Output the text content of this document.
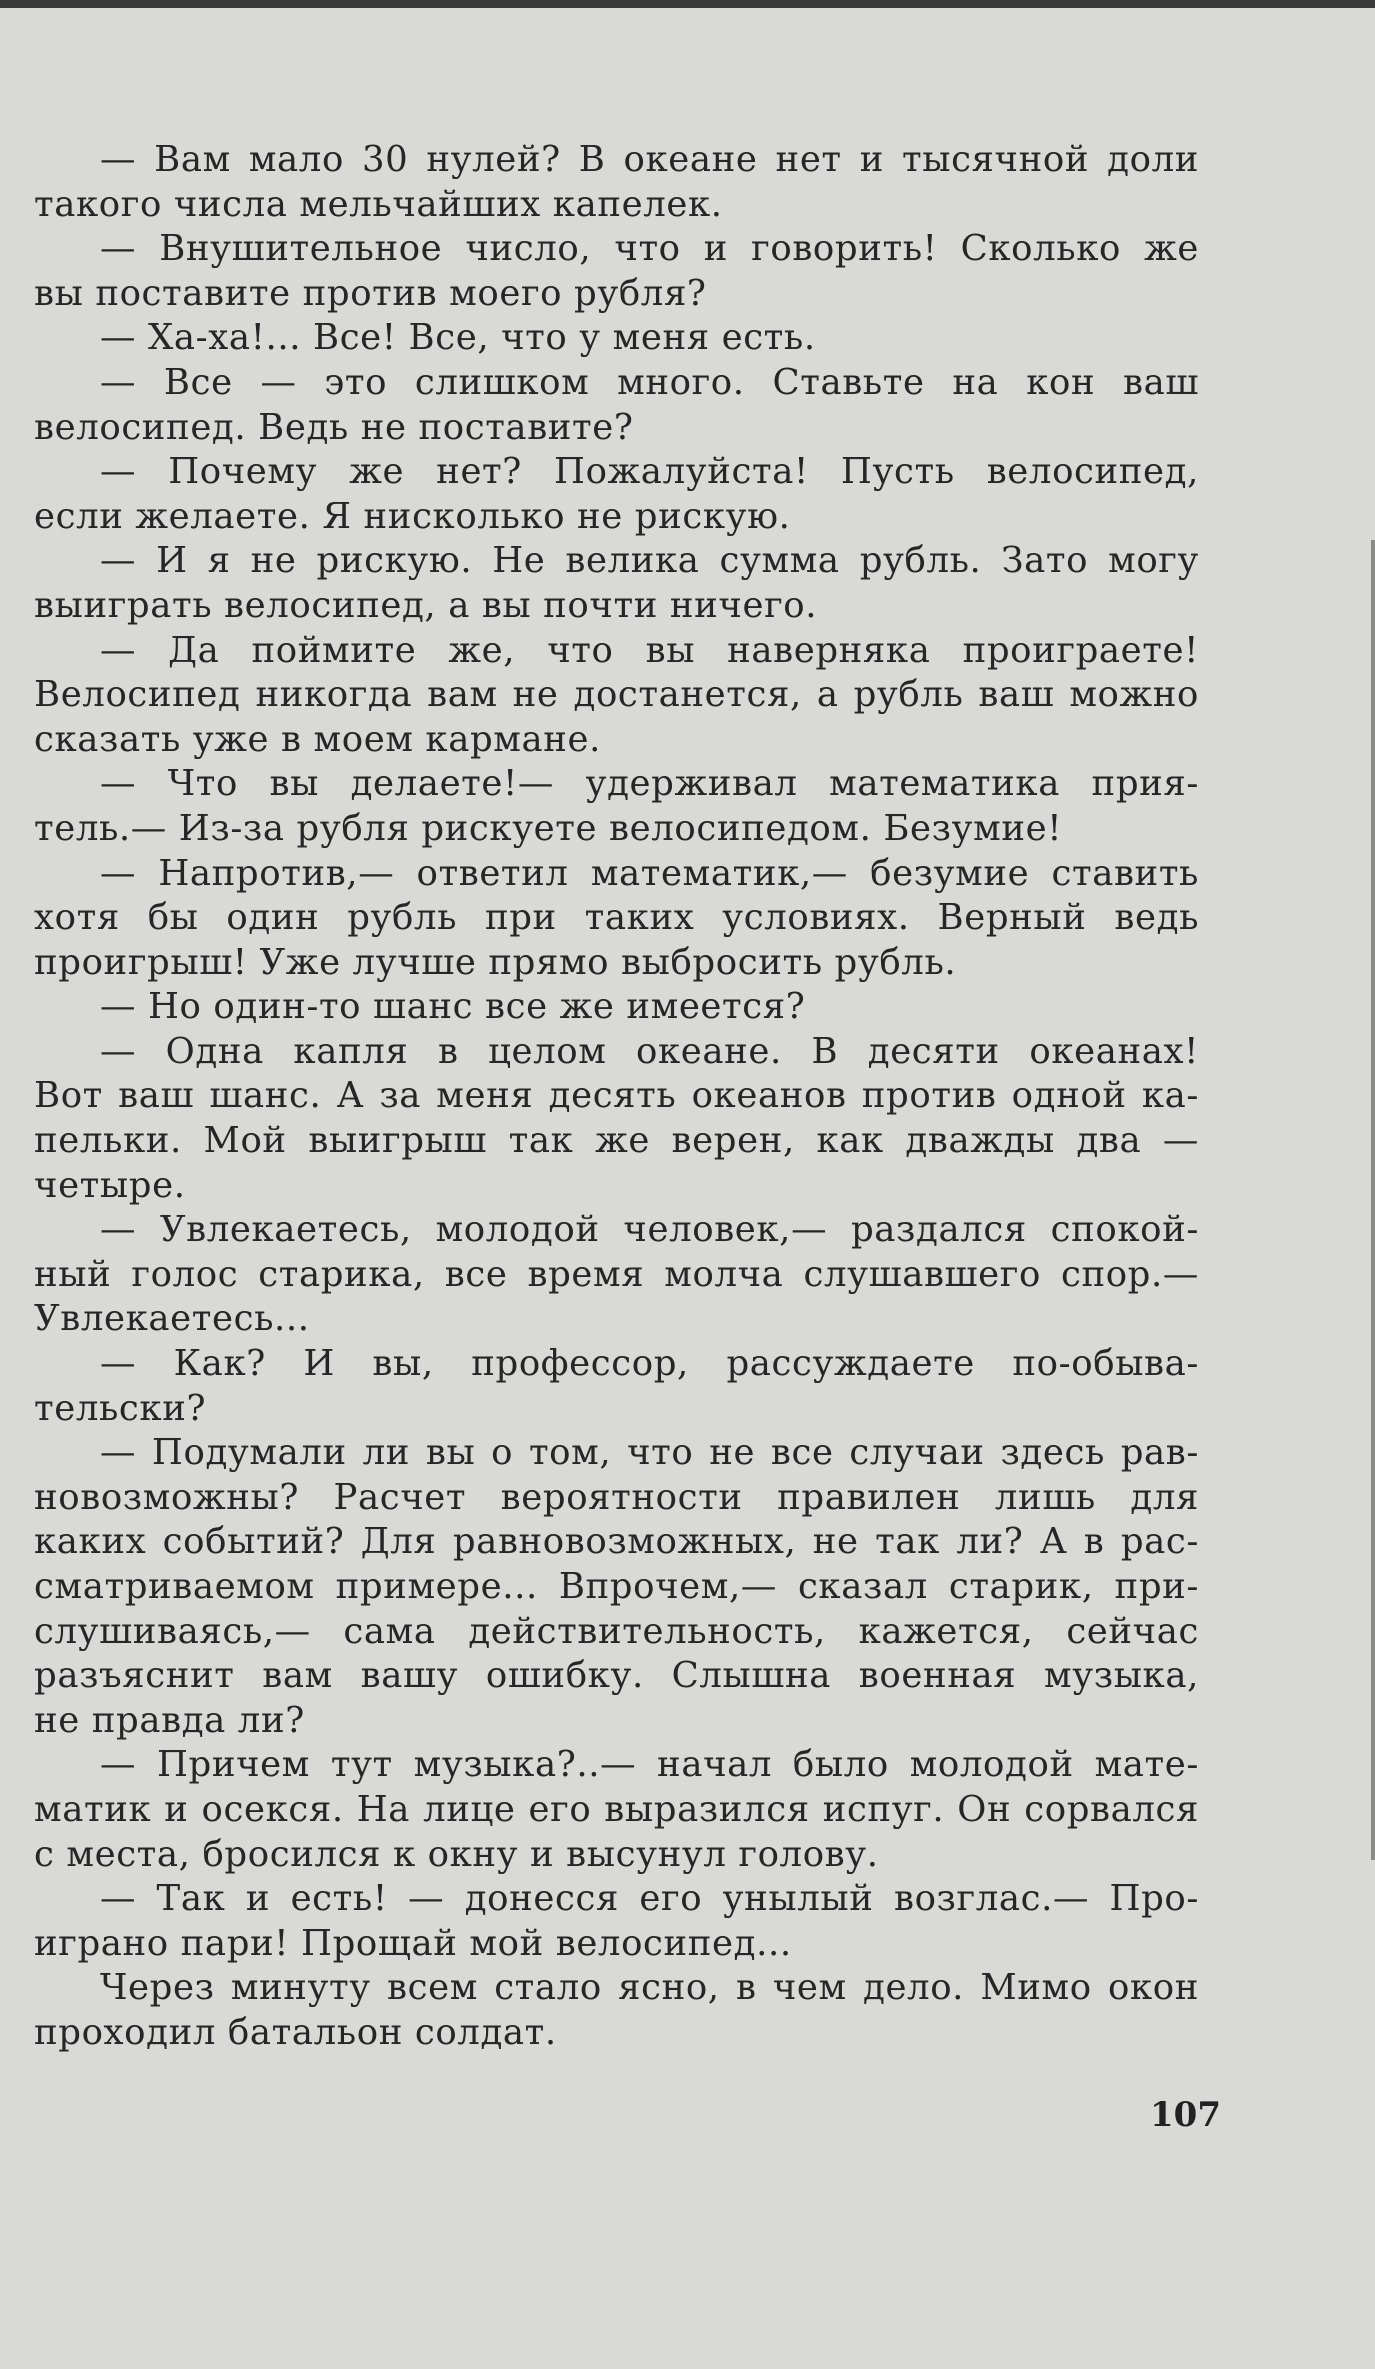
— Вам мало 30 нулей? В океане нет и тысячной доли
такого числа мельчайших капелек.
— Внушительное число, что и говорить! Сколько же
вы поставите против моего рубля?
— Ха-ха!... Все! Все, что у меня есть.
— Все — это слишком много. Ставьте на кон ваш
велосипед. Ведь не поставите?
— Почему же нет? Пожалуйста! Пусть велосипед,
если желаете. Я нисколько не рискую.
— И я не рискую. Не велика сумма рубль. Зато могу
выиграть велосипед, а вы почти ничего.
— Да поймите же, что вы наверняка проиграете!
Велосипед никогда вам не достанется, а рубль ваш можно
сказать уже в моем кармане.
— Что вы делаете!— удерживал математика прия-
тель.— Из-за рубля рискуете велосипедом. Безумие!
— Напротив,— ответил математик,— безумие ставить
хотя бы один рубль при таких условиях. Верный ведь
проигрыш! Уже лучше прямо выбросить рубль.
— Но один-то шанс все же имеется?
— Одна капля в целом океане. В десяти океанах!
Вот ваш шанс. А за меня десять океанов против одной ка-
пельки. Мой выигрыш так же верен, как дважды два —
четыре.
— Увлекаетесь, молодой человек,— раздался спокой-
ный голос старика, все время молча слушавшего спор.—
Увлекаетесь...
— Как? И вы, профессор, рассуждаете по-обыва-
тельски?
— Подумали ли вы о том, что не все случаи здесь рав-
новозможны? Расчет вероятности правилен лишь для
каких событий? Для равновозможных, не так ли? А в рас-
сматриваемом примере... Впрочем,— сказал старик, при-
слушиваясь,— сама действительность, кажется, сейчас
разъяснит вам вашу ошибку. Слышна военная музыка,
не правда ли?
— Причем тут музыка?..— начал было молодой мате-
матик и осекся. На лице его выразился испуг. Он сорвался
с места, бросился к окну и высунул голову.
— Так и есть! — донесся его унылый возглас.— Про-
играно пари! Прощай мой велосипед...
Через минуту всем стало ясно, в чем дело. Мимо окон
проходил батальон солдат.
107
